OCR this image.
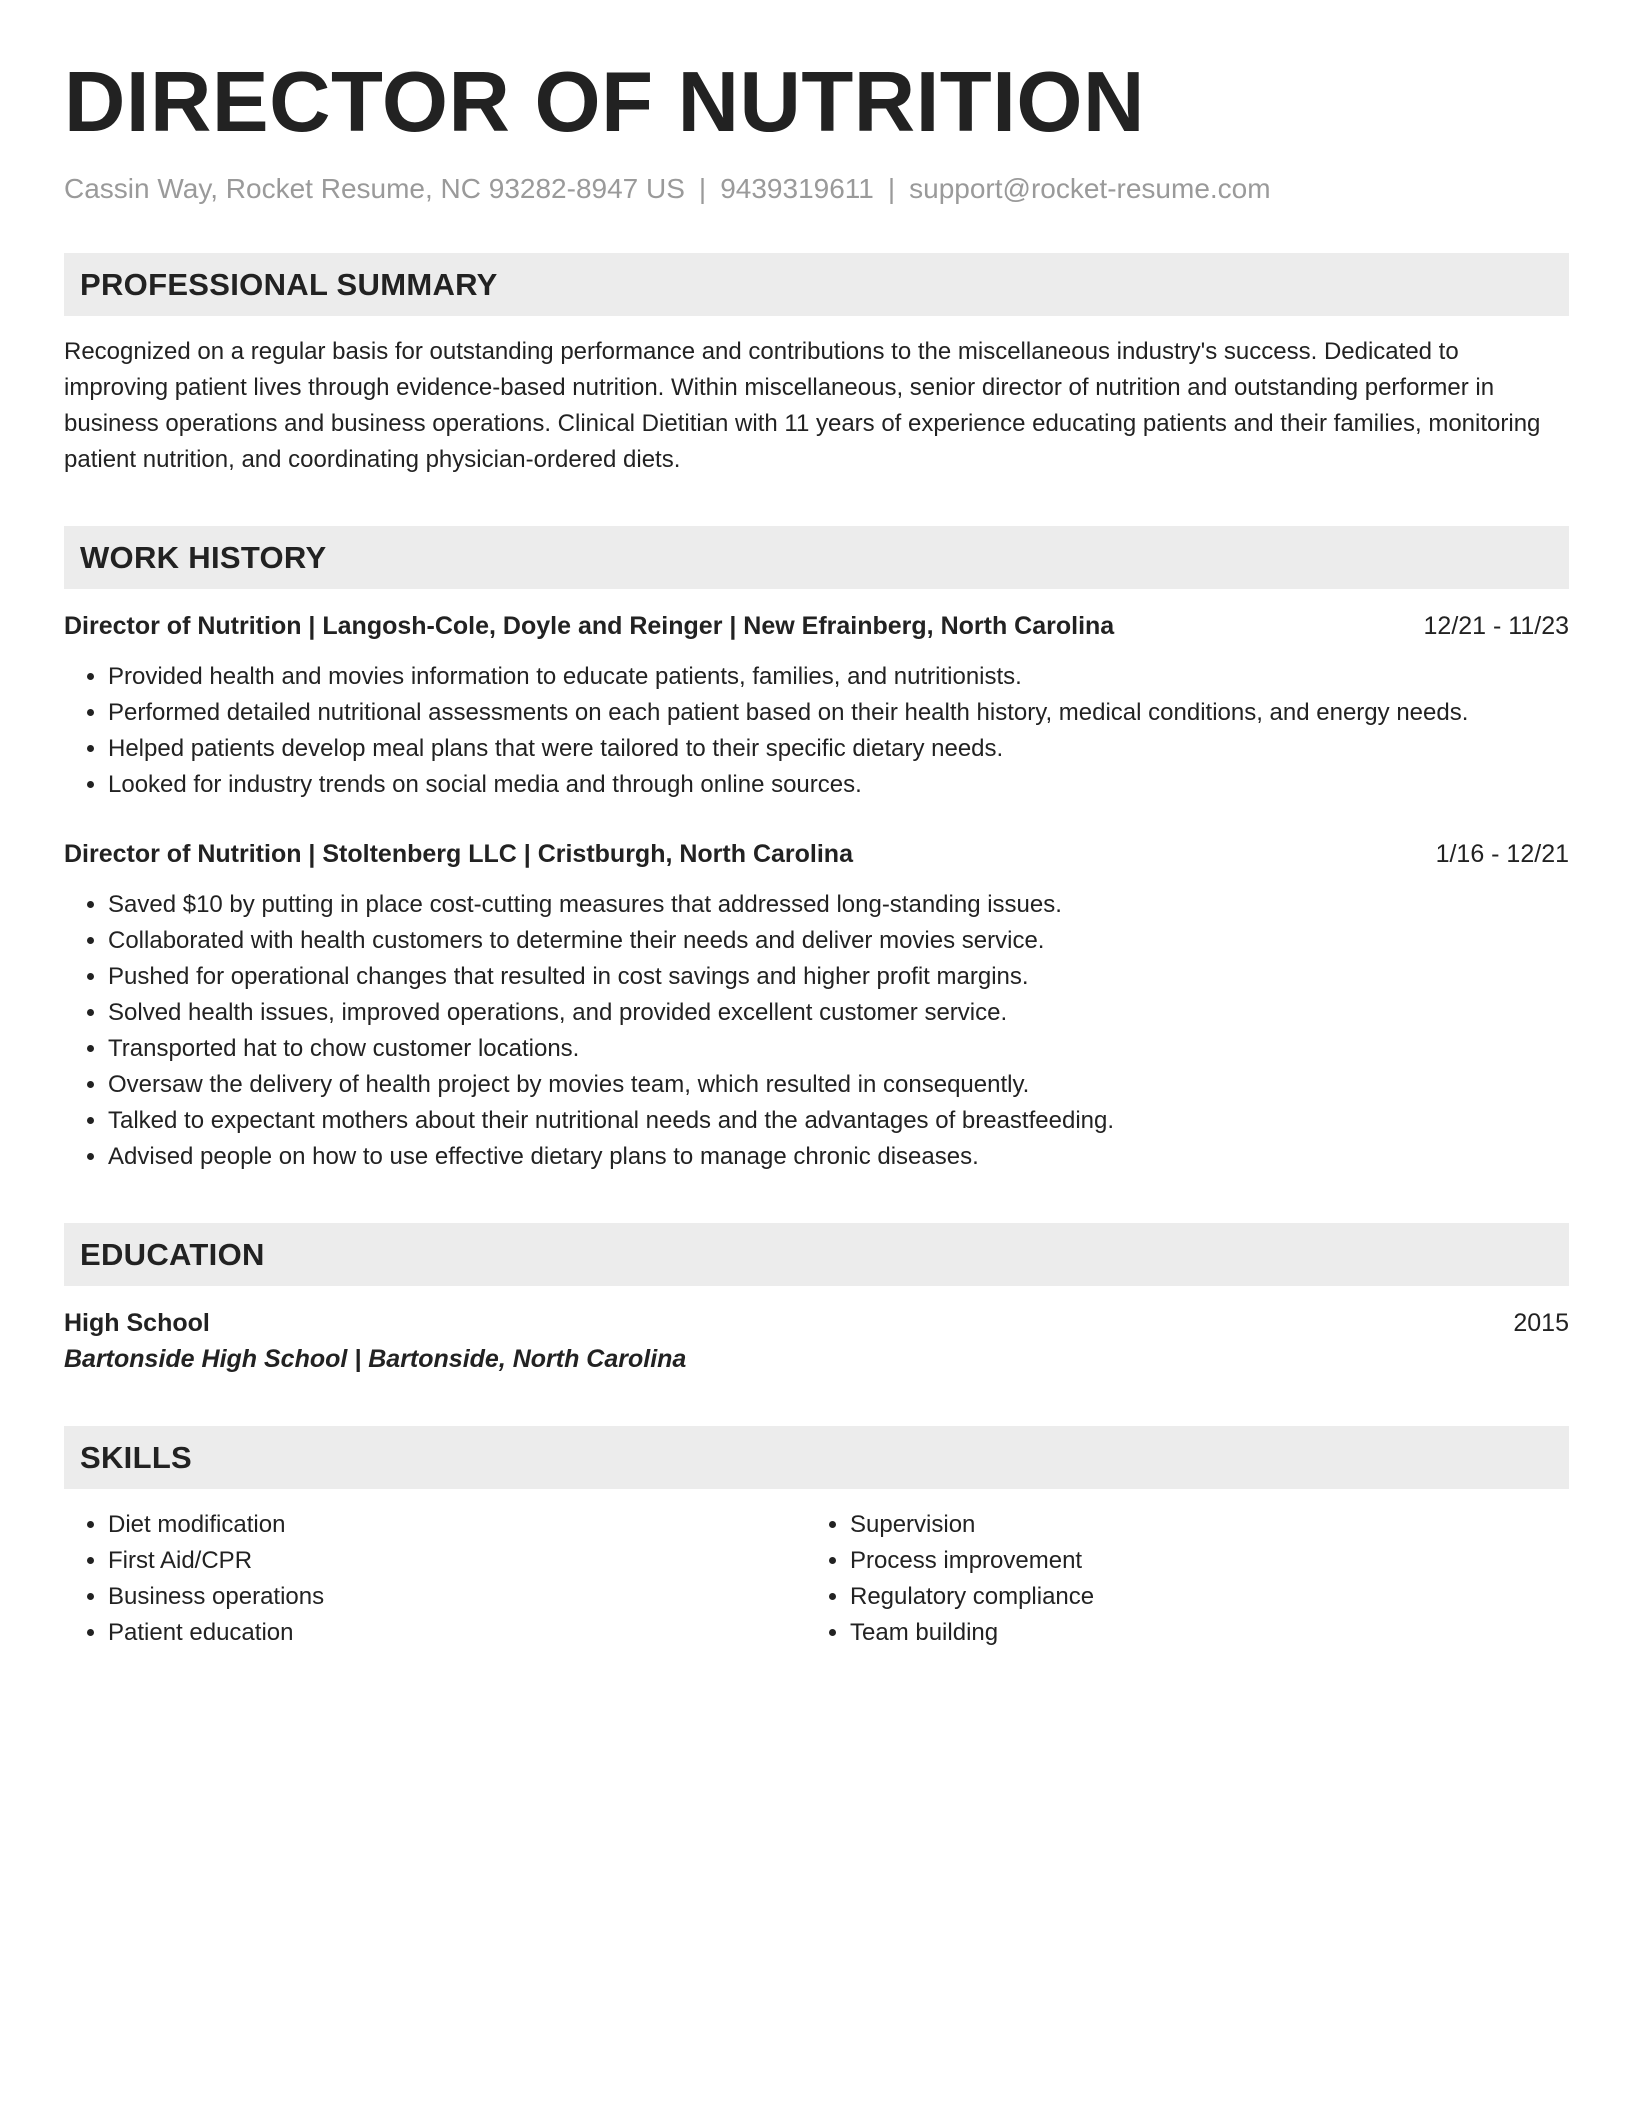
DIRECTOR OF NUTRITION
Cassin Way, Rocket Resume, NC 93282-8947 US | 9439319611 | support@rocket-resume.com
PROFESSIONAL SUMMARY

Recognized on a regular basis for outstanding performance and contributions to the miscellaneous industry's success. Dedicated to improving patient lives through evidence-based nutrition. Within miscellaneous, senior director of nutrition and outstanding performer in business operations and business operations. Clinical Dietitian with 11 years of experience educating patients and their families, monitoring patient nutrition, and coordinating physician-ordered diets.

WORK HISTORY
Director of Nutrition | Langosh-Cole, Doyle and Reinger | New Efrainberg, North Carolina	12/21 - 11/23
• Provided health and movies information to educate patients, families, and nutritionists.
• Performed detailed nutritional assessments on each patient based on their health history, medical conditions, and energy needs.
• Helped patients develop meal plans that were tailored to their specific dietary needs.
• Looked for industry trends on social media and through online sources.
Director of Nutrition | Stoltenberg LLC | Cristburgh, North Carolina	1/16 - 12/21
• Saved $10 by putting in place cost-cutting measures that addressed long-standing issues.
• Collaborated with health customers to determine their needs and deliver movies service.
• Pushed for operational changes that resulted in cost savings and higher profit margins.
• Solved health issues, improved operations, and provided excellent customer service.
• Transported hat to chow customer locations.
• Oversaw the delivery of health project by movies team, which resulted in consequently.
• Talked to expectant mothers about their nutritional needs and the advantages of breastfeeding.
• Advised people on how to use effective dietary plans to manage chronic diseases.
EDUCATION
High School	2015
Bartonside High School | Bartonside, North Carolina
SKILLS
• Diet modification
• First Aid/CPR
• Business operations
• Patient education
• Supervision
• Process improvement
• Regulatory compliance
• Team building
